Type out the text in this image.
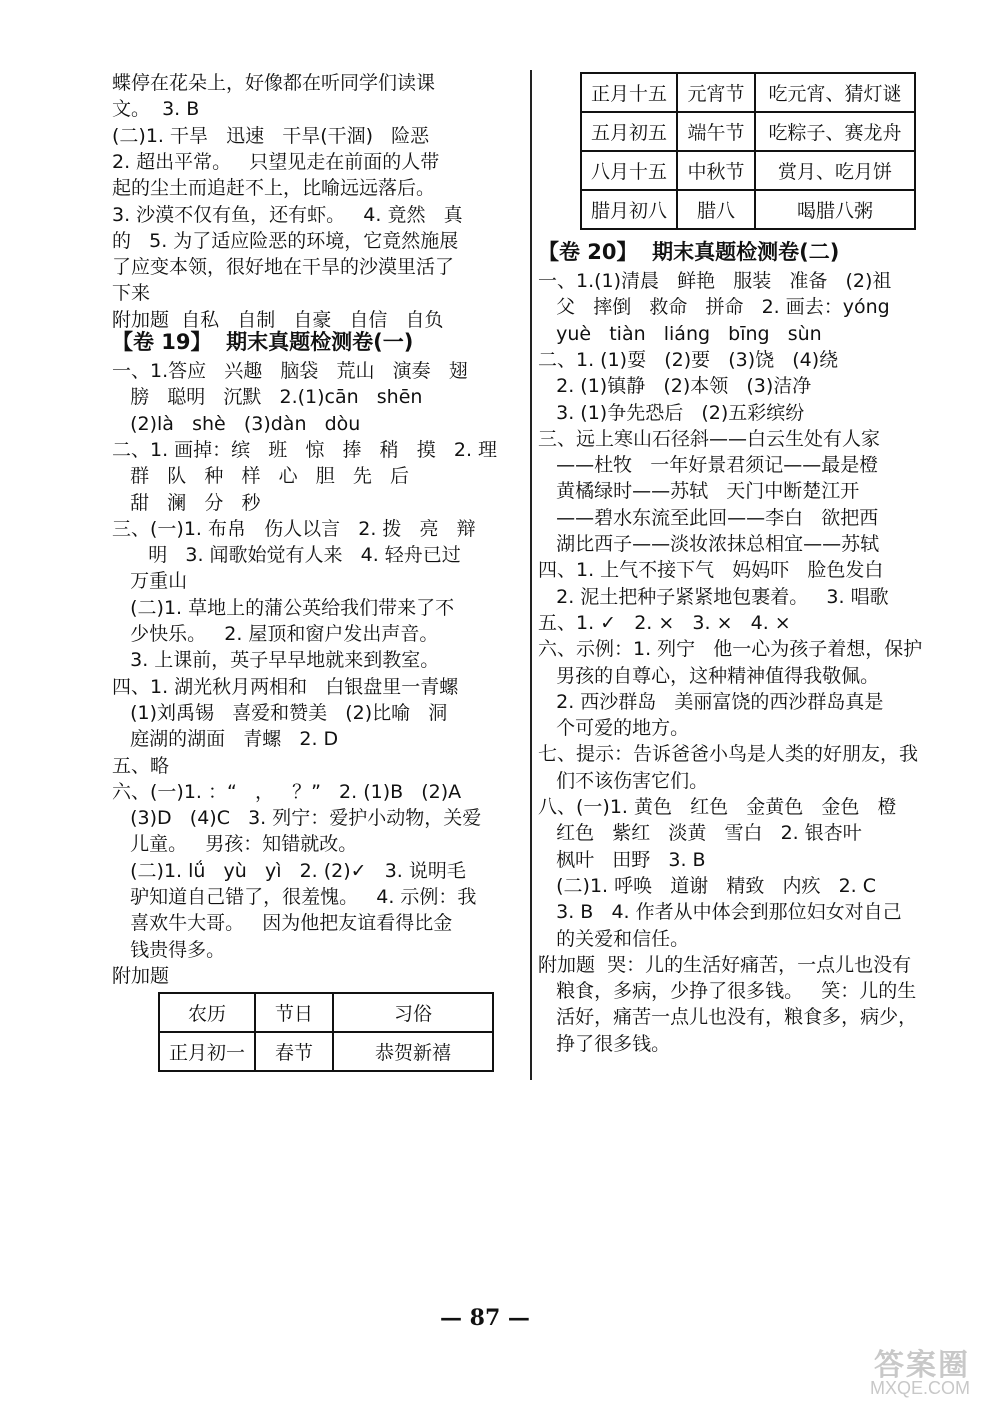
蝶停在花朵上，好像都在听同学们读课
文。  3. B
(二)1. 干旱   迅速   干旱(干涸)   险恶
2. 超出平常。   只望见走在前面的人带
起的尘土而追赶不上，比喻远远落后。
3. 沙漠不仅有鱼，还有虾。   4. 竟然   真
的   5. 为了适应险恶的环境，它竟然施展
了应变本领，很好地在干旱的沙漠里活了
下来
附加题  自私   自制   自豪   自信   自负
【卷 19】  期末真题检测卷(一)
一、1.答应   兴趣   脑袋   荒山   演奏   翅
膀   聪明   沉默   2.(1)cān   shēn
(2)là   shè   (3)dàn   dòu
二、1. 画掉：缤   班   惊   捧   稍   摸   2. 理
群   队   种   样   心   胆   先   后
甜   澜   分   秒
三、(一)1. 布帛   伤人以言   2. 拨   亮   辩
明   3. 闻歌始觉有人来   4. 轻舟已过
万重山
(二)1. 草地上的蒲公英给我们带来了不
少快乐。   2. 屋顶和窗户发出声音。
3. 上课前，英子早早地就来到教室。
四、1. 湖光秋月两相和   白银盘里一青螺
(1)刘禹锡   喜爱和赞美   (2)比喻   洞
庭湖的湖面   青螺   2. D
五、略
六、(一)1. ：“   ，   ？”   2. (1)B   (2)A
(3)D   (4)C   3. 列宁：爱护小动物，关爱
儿童。   男孩：知错就改。
(二)1. lǘ   yù   yì   2. (2)✓   3. 说明毛
驴知道自己错了，很羞愧。   4. 示例：我
喜欢牛大哥。   因为他把友谊看得比金
钱贵得多。
附加题
农历	节日	习俗
正月初一	春节	恭贺新禧
正月十五	元宵节	吃元宵、猜灯谜
五月初五	端午节	吃粽子、赛龙舟
八月十五	中秋节	赏月、吃月饼
腊月初八	腊八	喝腊八粥
【卷 20】  期末真题检测卷(二)
一、1.(1)清晨   鲜艳   服装   准备   (2)祖
父   摔倒   救命   拼命   2. 画去：yóng
yuè   tiàn   liáng   bīng   sùn
二、1. (1)耍   (2)要   (3)饶   (4)绕
2. (1)镇静   (2)本领   (3)洁净
3. (1)争先恐后   (2)五彩缤纷
三、远上寒山石径斜——白云生处有人家
——杜牧   一年好景君须记——最是橙
黄橘绿时——苏轼   天门中断楚江开
——碧水东流至此回——李白   欲把西
湖比西子——淡妆浓抹总相宜——苏轼
四、1. 上气不接下气   妈妈吓   脸色发白
2. 泥土把种子紧紧地包裹着。   3. 唱歌
五、1. ✓   2. ×   3. ×   4. ×
六、示例：1. 列宁   他一心为孩子着想，保护
男孩的自尊心，这种精神值得我敬佩。
2. 西沙群岛   美丽富饶的西沙群岛真是
个可爱的地方。
七、提示：告诉爸爸小鸟是人类的好朋友，我
们不该伤害它们。
八、(一)1. 黄色   红色   金黄色   金色   橙
红色   紫红   淡黄   雪白   2. 银杏叶
枫叶   田野   3. B
(二)1. 呼唤   道谢   精致   内疚   2. C
3. B   4. 作者从中体会到那位妇女对自己
的关爱和信任。
附加题  哭：儿的生活好痛苦，一点儿也没有
粮食，多病，少挣了很多钱。   笑：儿的生
活好，痛苦一点儿也没有，粮食多，病少，
挣了很多钱。
— 87 —
答案圈
MXQE.COM
